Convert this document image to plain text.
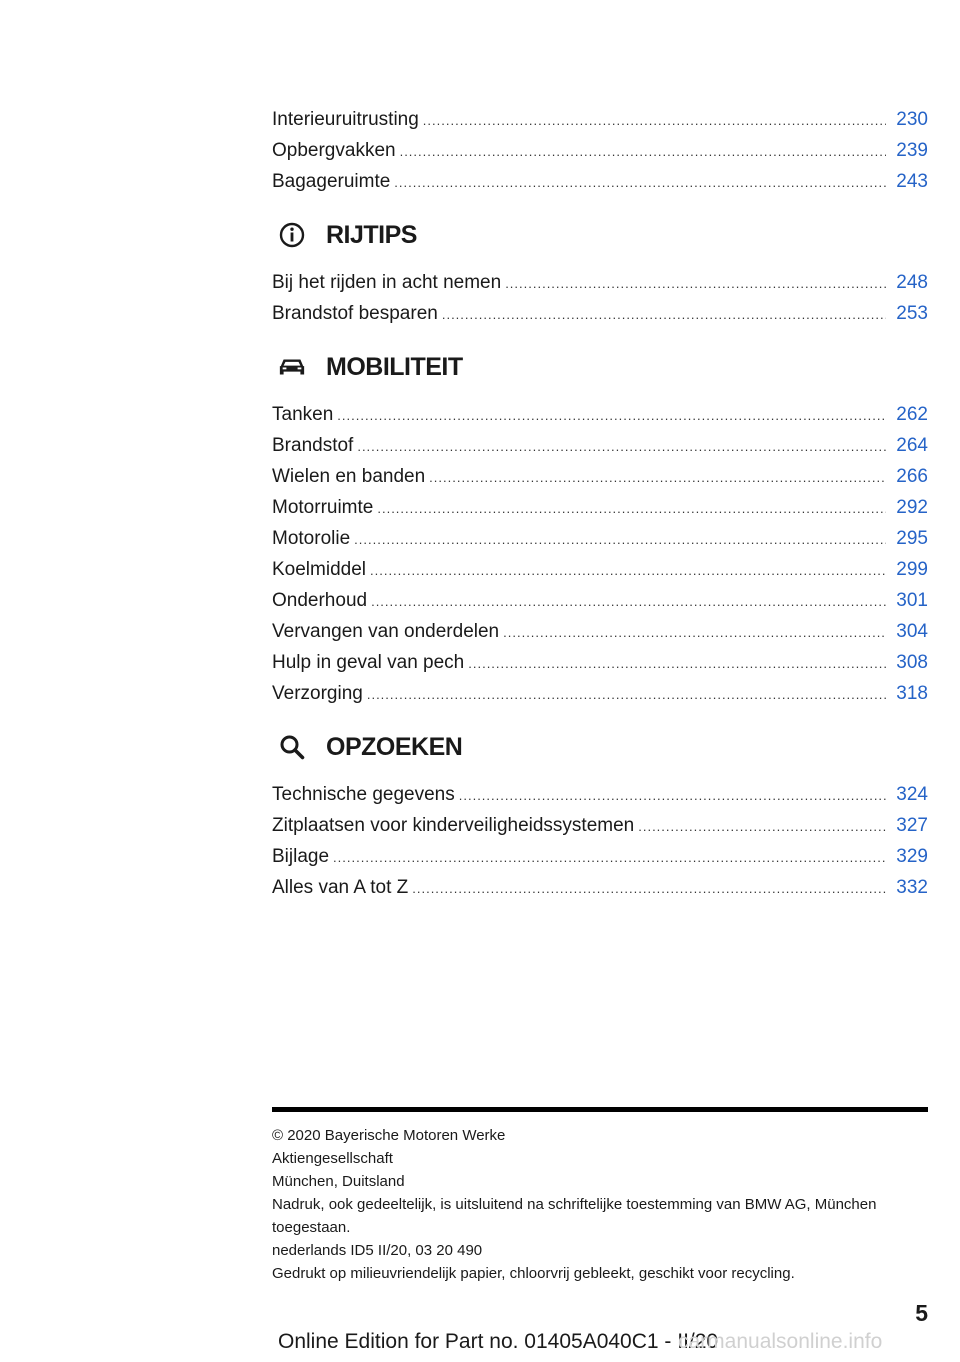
Interieuruitrusting .....	230
Opbergvakken .....	239
Bagageruimte .....	243
RIJTIPS
Bij het rijden in acht nemen .....	248
Brandstof besparen .....	253
MOBILITEIT
Tanken .....	262
Brandstof .....	264
Wielen en banden .....	266
Motorruimte .....	292
Motorolie .....	295
Koelmiddel .....	299
Onderhoud .....	301
Vervangen van onderdelen .....	304
Hulp in geval van pech .....	308
Verzorging .....	318
OPZOEKEN
Technische gegevens .....	324
Zitplaatsen voor kinderveiligheidssystemen .....	327
Bijlage .....	329
Alles van A tot Z .....	332
© 2020 Bayerische Motoren Werke
Aktiengesellschaft
München, Duitsland
Nadruk, ook gedeeltelijk, is uitsluitend na schriftelijke toestemming van BMW AG, München toegestaan.
nederlands ID5 II/20, 03 20 490
Gedrukt op milieuvriendelijk papier, chloorvrij gebleekt, geschikt voor recycling.
5
Online Edition for Part no. 01405A040C1 - II/20
carmanualsonline.info
